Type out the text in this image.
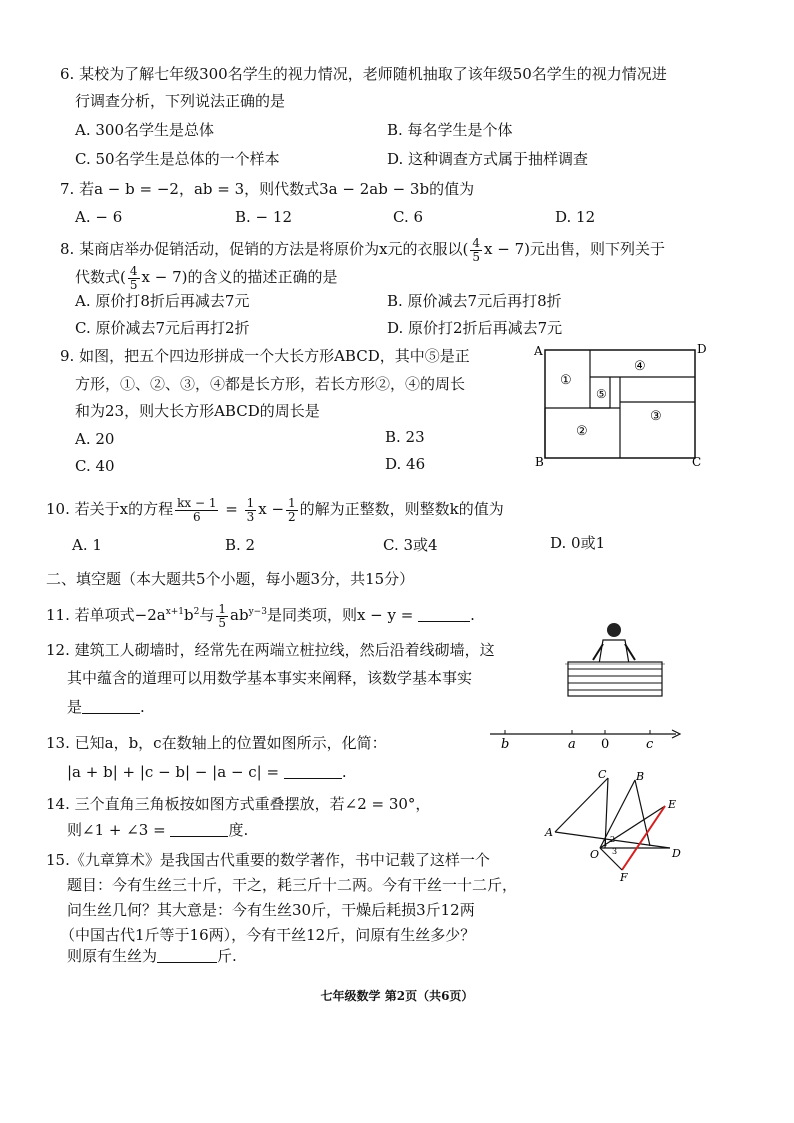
6. 某校为了解七年级300名学生的视力情况，老师随机抽取了该年级50名学生的视力情况进
行调查分析，下列说法正确的是
A. 300名学生是总体	B. 每名学生是个体
C. 50名学生是总体的一个样本	D. 这种调查方式属于抽样调查
7. 若a − b = −2，ab = 3，则代数式3a − 2ab − 3b的值为
A. − 6	B. − 12	C. 6	D. 12
8. 某商店举办促销活动，促销的方法是将原价为x元的衣服以( $\frac{4}{5}$ x − 7)元出售，则下列关于
代数式( $\frac{4}{5}$ x − 7)的含义的描述正确的是
A. 原价打8折后再减去7元	B. 原价减去7元后再打8折
C. 原价减去7元后再打2折	D. 原价打2折后再减去7元
9. 如图，把五个四边形拼成一个大长方形ABCD，其中⑤是正
方形，①、②、③，④都是长方形，若长方形②，④的周长
和为23，则大长方形ABCD的周长是
A. 20	B. 23
C. 40	D. 46
A	D
B	C
①
④
⑤
③
②
10. 若关于x的方程 $\frac{kx - 1}{6} = \frac{1}{3}$ $x - \frac{1}{2}$ 的解为正整数，则整数k的值为
A. 1	B. 2	C. 3或4	D. 0或1
二、填空题（本大题共5个小题，每小题3分，共15分）
11. 若单项式$-2a^{x+1}b^2$与 $\frac{1}{5} ab^{y-3}$是同类项，则x − y =	.
12. 建筑工人砌墙时，经常先在两端立桩拉线，然后沿着线砌墙，这
其中蕴含的道理可以用数学基本事实来阐释，该数学基本事实
是	.
13. 已知a，b，c在数轴上的位置如图所示，化简：
|a + b| + |c − b| − |a − c| =	.
b	a 0	c
14. 三个直角三角板按如图方式重叠摆放，若∠2 = 30°，
则∠1 + ∠3 =	度.	A
C	B
E
D
F
O
1 2
3
15.《九章算术》是我国古代重要的数学著作，书中记载了这样一个
题目：今有生丝三十斤，干之，耗三斤十二两。今有干丝一十二斤，
问生丝几何？其大意是：今有生丝30斤，干燥后耗损3斤12两
（中国古代1斤等于16两），今有干丝12斤，问原有生丝多少？
则原有生丝为	斤.
七年级数学 第2页（共6页）
